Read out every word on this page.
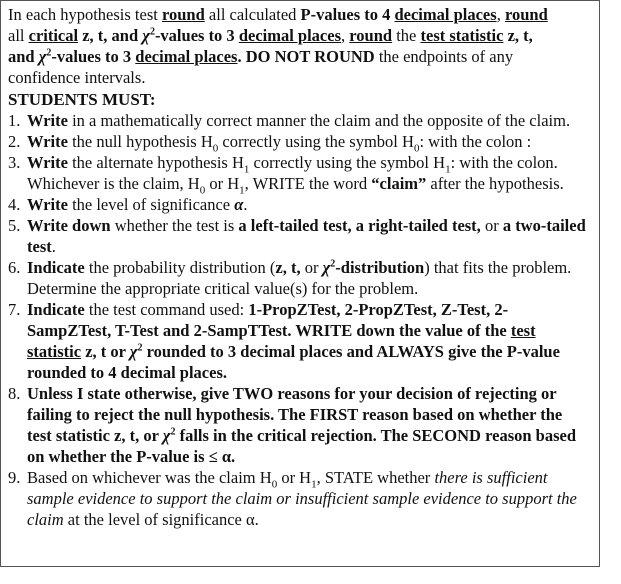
In each hypothesis test round all calculated P-values to 4 decimal places, round
all critical z, t, and $\chi^2$-values to 3 decimal places, round the test statistic z, t,
and $\chi^2$-values to 3 decimal places. DO NOT ROUND the endpoints of any
confidence intervals.

STUDENTS MUST:

1. Write in a mathematically correct manner the claim and the opposite of the claim.
2. Write the null hypothesis $H_0$ correctly using the symbol $H_0$: with the colon :
3. Write the alternate hypothesis $H_1$ correctly using the symbol $H_1$: with the colon. Whichever is the claim, $H_0$ or $H_1$, WRITE the word “claim” after the hypothesis.
4. Write the level of significance α.
5. Write down whether the test is a left-tailed test, a right-tailed test, or a two-tailed test.
6. Indicate the probability distribution (z, t, or $\chi^2-distribution$) that fits the problem. Determine the appropriate critical value(s) for the problem.
7. Indicate the test command used: 1-PropZTest, 2-PropZTest, Z-Test, 2-SampZTest, T-Test and 2-SampTTest. WRITE down the value of the test statistic z, t or $\chi^2$ rounded to 3 decimal places and ALWAYS give the P-value rounded to 4 decimal places.
8. Unless I state otherwise, give TWO reasons for your decision of rejecting or failing to reject the null hypothesis. The FIRST reason based on whether the test statistic z, t, or $\chi^2$ falls in the critical rejection. The SECOND reason based on whether the P-value is ≤ α.
9. Based on whichever was the claim $H_0$ or $H_1$, STATE whether there is sufficient sample evidence to support the claim or insufficient sample evidence to support the claim at the level of significance α.
